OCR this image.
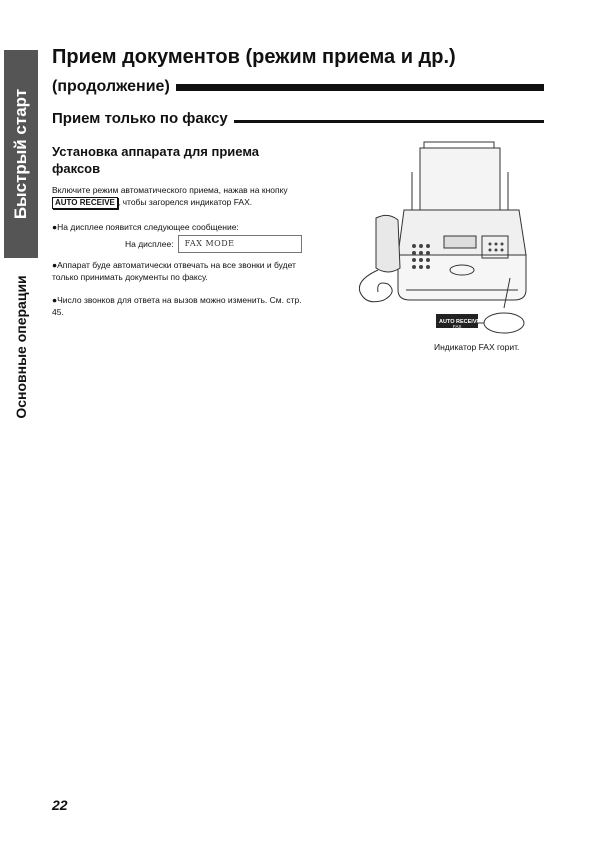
Быстрый старт
Основные операции
Прием документов (режим приема и др.)
(продолжение)
Прием только по факсу
Установка аппарата для приема факсов
Включите режим автоматического приема, нажав на кнопку AUTO RECEIVE , чтобы загорелся индикатор FAX.
●На дисплее появится следующее сообщение:
На дисплее:	FAX MODE
●Аппарат буде автоматически отвечать на все звонки и будет только принимать документы по факсу.
●Число звонков для ответа на вызов можно изменить. См. стр. 45.
AUTO RECEIVE
FAX
Индикатор FAX горит.
22
